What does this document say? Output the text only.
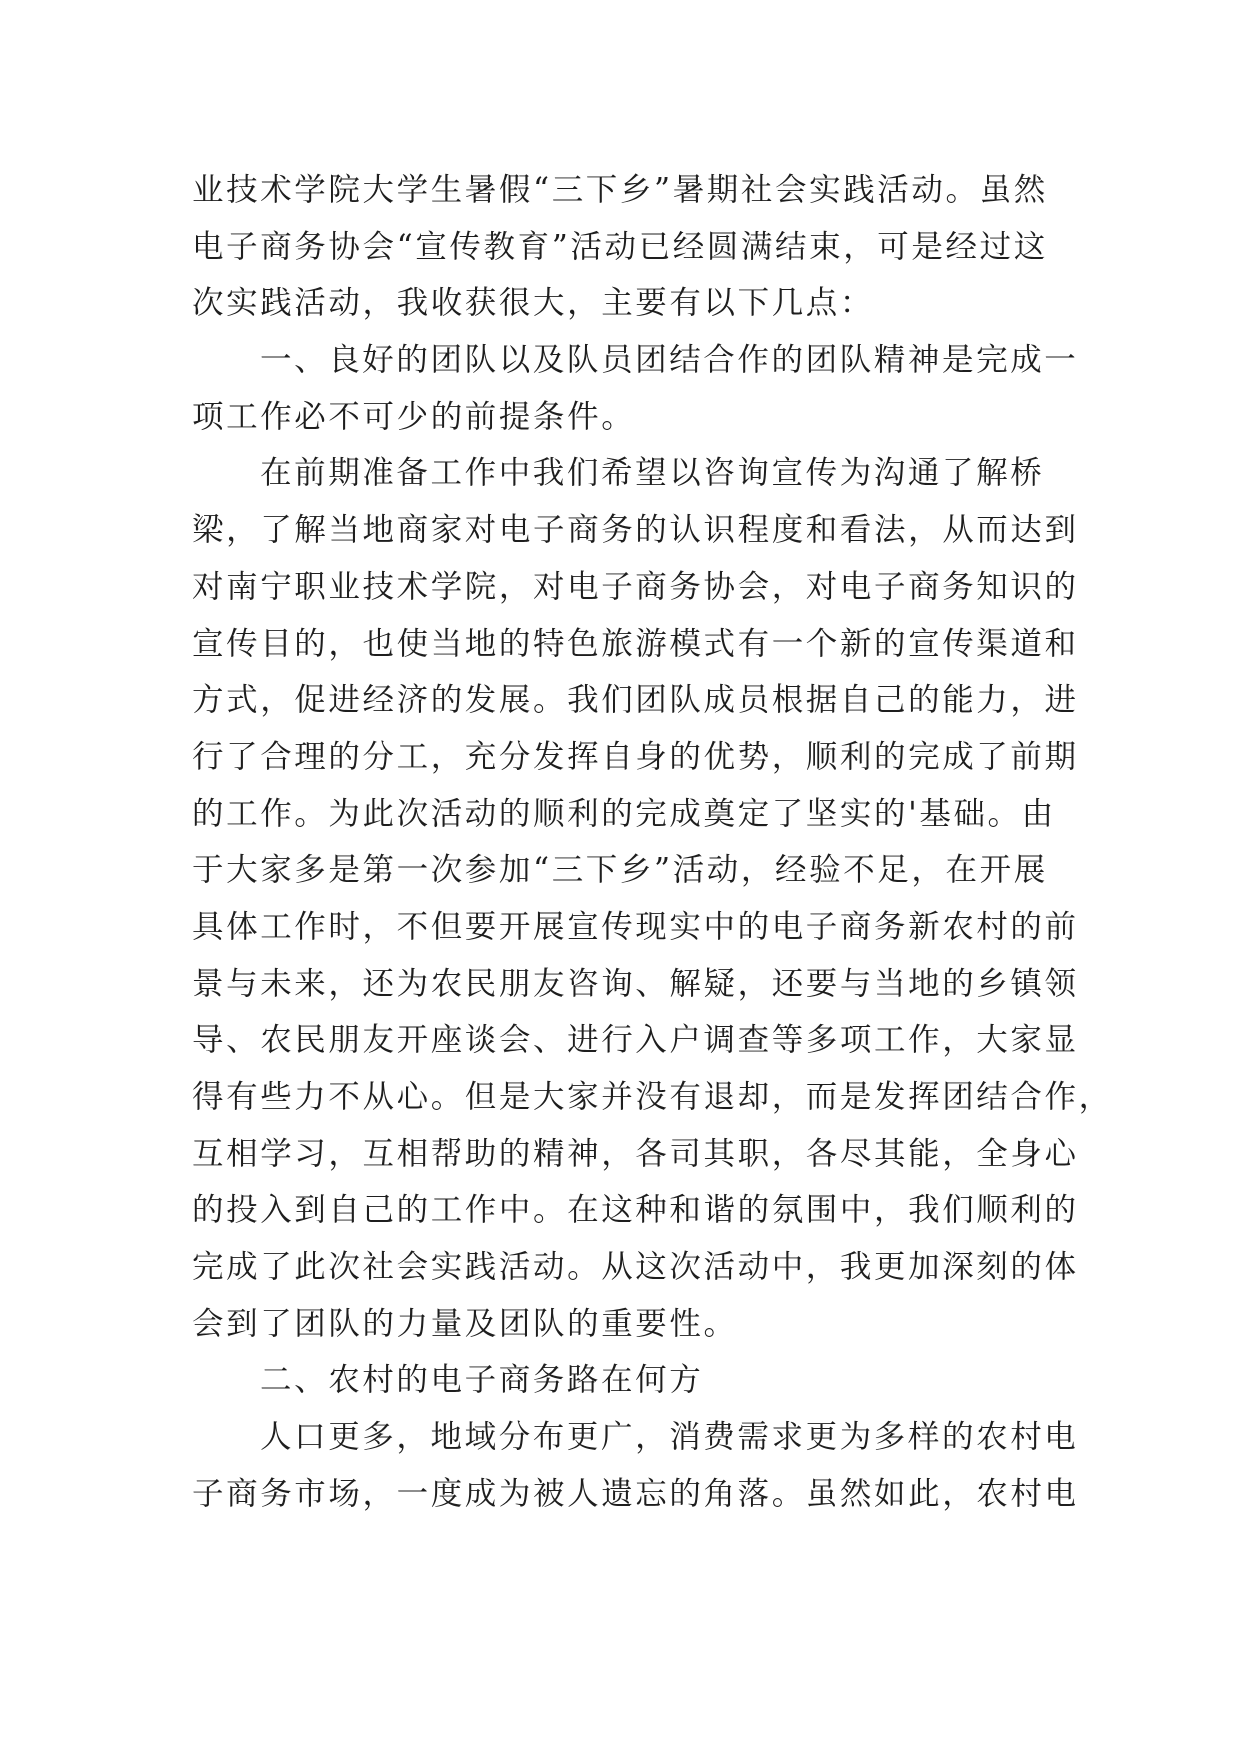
业技术学院大学生暑假“三下乡”暑期社会实践活动。虽然
电子商务协会“宣传教育”活动已经圆满结束，可是经过这
次实践活动，我收获很大，主要有以下几点：
一、良好的团队以及队员团结合作的团队精神是完成一
项工作必不可少的前提条件。
在前期准备工作中我们希望以咨询宣传为沟通了解桥
梁，了解当地商家对电子商务的认识程度和看法，从而达到
对南宁职业技术学院，对电子商务协会，对电子商务知识的
宣传目的，也使当地的特色旅游模式有一个新的宣传渠道和
方式，促进经济的发展。我们团队成员根据自己的能力，进
行了合理的分工，充分发挥自身的优势，顺利的完成了前期
的工作。为此次活动的顺利的完成奠定了坚实的'基础。由
于大家多是第一次参加“三下乡”活动，经验不足，在开展
具体工作时，不但要开展宣传现实中的电子商务新农村的前
景与未来，还为农民朋友咨询、解疑，还要与当地的乡镇领
导、农民朋友开座谈会、进行入户调查等多项工作，大家显
得有些力不从心。但是大家并没有退却，而是发挥团结合作，
互相学习，互相帮助的精神，各司其职，各尽其能，全身心
的投入到自己的工作中。在这种和谐的氛围中，我们顺利的
完成了此次社会实践活动。从这次活动中，我更加深刻的体
会到了团队的力量及团队的重要性。
二、农村的电子商务路在何方
人口更多，地域分布更广，消费需求更为多样的农村电
子商务市场，一度成为被人遗忘的角落。虽然如此，农村电
